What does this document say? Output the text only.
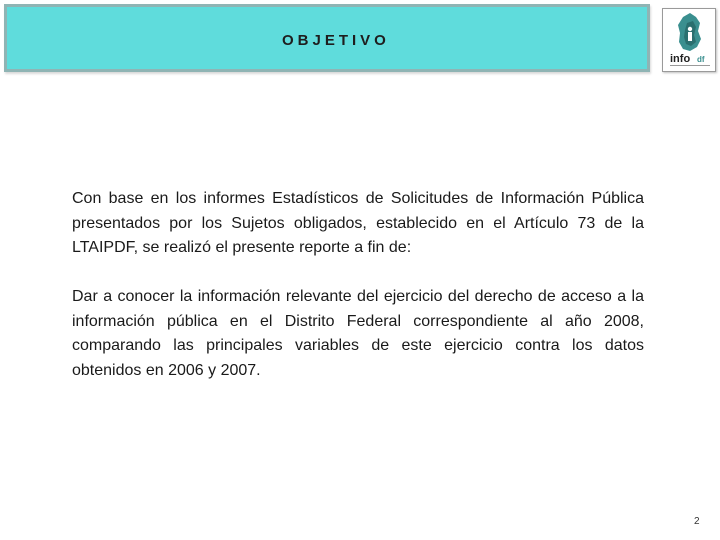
OBJETIVO
info df

Con base en los informes Estadísticos de Solicitudes de Información Pública presentados por los Sujetos obligados, establecido en el Artículo 73 de la LTAIPDF, se realizó el presente reporte a fin de:

Dar a conocer la información relevante del ejercicio del derecho de acceso a la información pública en el Distrito Federal correspondiente al año 2008, comparando las principales variables de este ejercicio contra los datos obtenidos en 2006 y 2007.

2
